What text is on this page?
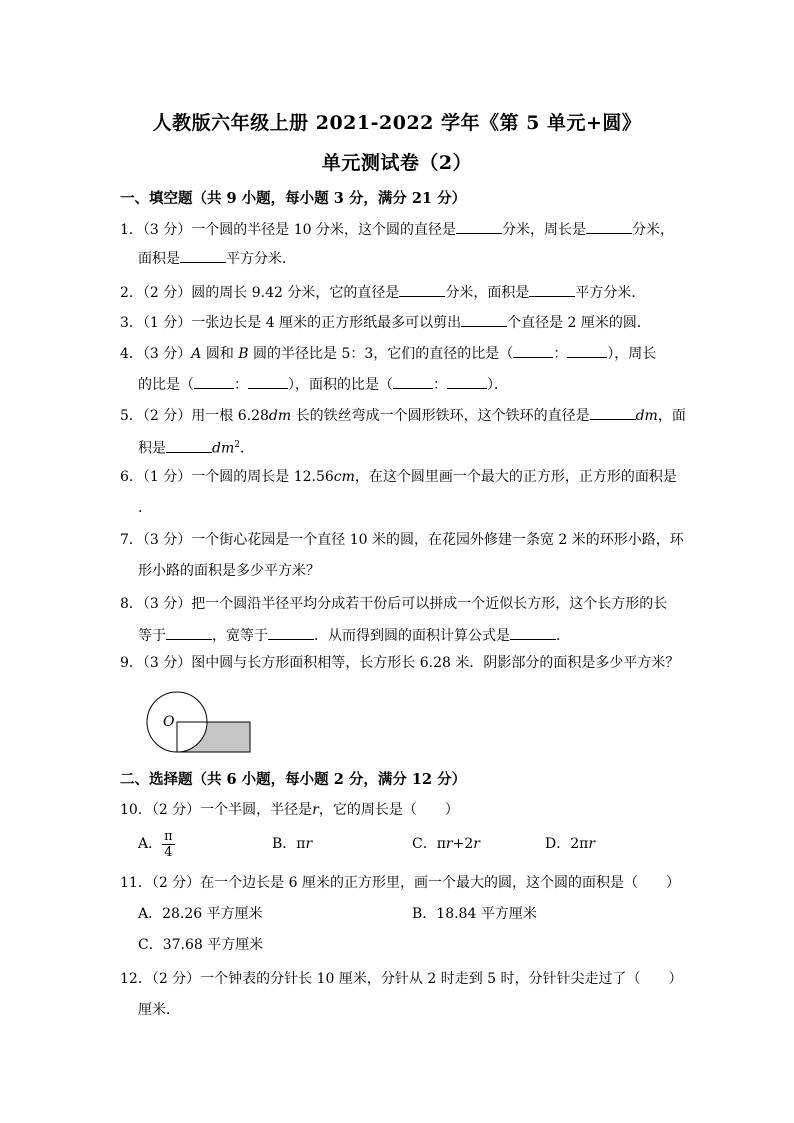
人教版六年级上册 2021-2022 学年《第 5 单元+圆》
单元测试卷（2）
一、填空题（共 9 小题，每小题 3 分，满分 21 分）
1．（3 分）一个圆的半径是 10 分米，这个圆的直径是	分米，周长是	分米，
面积是	平方分米．
2．（2 分）圆的周长 9.42 分米，它的直径是	分米，面积是	平方分米．
3．（1 分）一张边长是 4 厘米的正方形纸最多可以剪出	个直径是 2 厘米的圆．
4．（3 分）A 圆和 B 圆的半径比是 5：3，它们的直径的比是（	：	），周长
的比是（	：	），面积的比是（	：	）．
5．（2 分）用一根 6.28dm 长的铁丝弯成一个圆形铁环，这个铁环的直径是	dm，面
积是	$dm^2$．
6．（1 分）一个圆的周长是 12.56cm，在这个圆里画一个最大的正方形，正方形的面积是
．
7．（3 分）一个街心花园是一个直径 10 米的圆，在花园外修建一条宽 2 米的环形小路，环
形小路的面积是多少平方米？
8．（3 分）把一个圆沿半径平均分成若干份后可以拼成一个近似长方形，这个长方形的长
等于	，宽等于	．从而得到圆的面积计算公式是	．
9．（3 分）图中圆与长方形面积相等，长方形长 6.28 米．阴影部分的面积是多少平方米？
O
二、选择题（共 6 小题，每小题 2 分，满分 12 分）
10．（2 分）一个半圆，半径是r，它的周长是（　　）
A． $\frac{\pi}{4}$	B．πr	C．πr+2r	D．2πr
11．（2 分）在一个边长是 6 厘米的正方形里，画一个最大的圆，这个圆的面积是（　　）
A．28.26 平方厘米	B．18.84 平方厘米
C．37.68 平方厘米
12．（2 分）一个钟表的分针长 10 厘米，分针从 2 时走到 5 时，分针针尖走过了（　　）
厘米．
